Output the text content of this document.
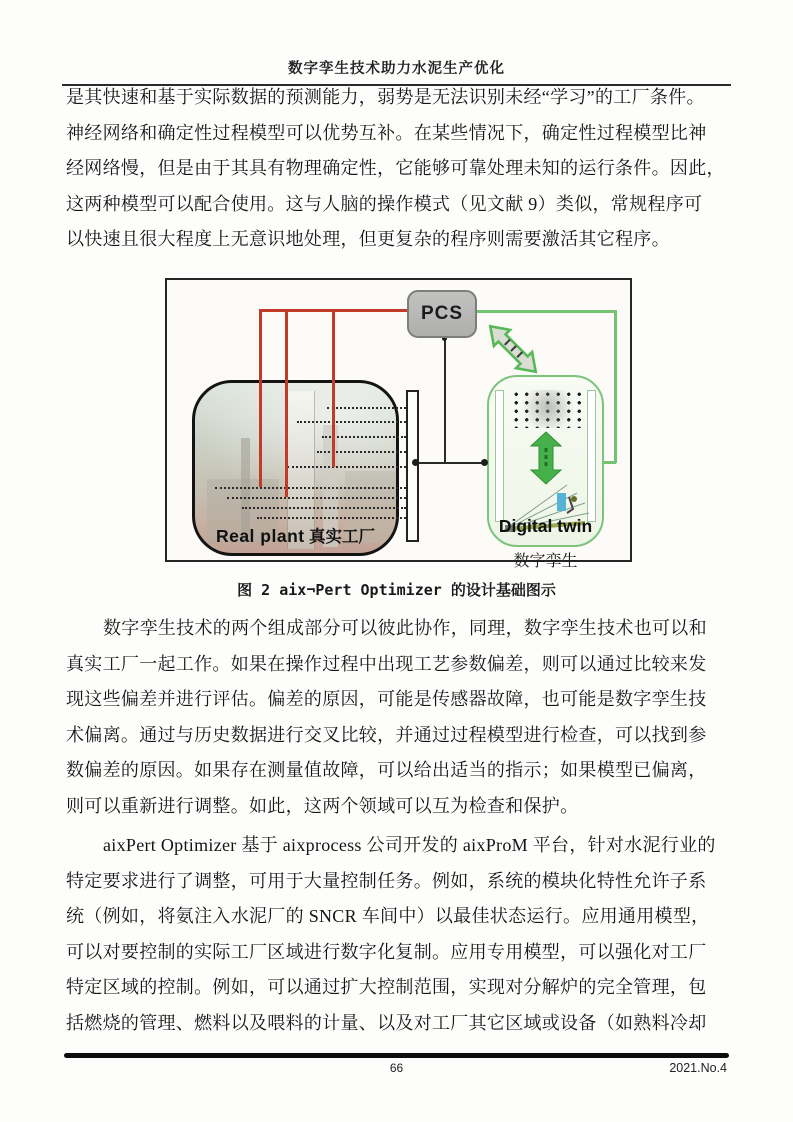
数字孪生技术助力水泥生产优化
是其快速和基于实际数据的预测能力，弱势是无法识别未经“学习”的工厂条件。
神经网络和确定性过程模型可以优势互补。在某些情况下，确定性过程模型比神
经网络慢，但是由于其具有物理确定性，它能够可靠处理未知的运行条件。因此，
这两种模型可以配合使用。这与人脑的操作模式（见文献 9）类似，常规程序可
以快速且很大程度上无意识地处理，但更复杂的程序则需要激活其它程序。
PCS
Real plant 真实工厂
Digital twin
数字孪生
图 2 aix¬Pert Optimizer 的设计基础图示
数字孪生技术的两个组成部分可以彼此协作，同理，数字孪生技术也可以和
真实工厂一起工作。如果在操作过程中出现工艺参数偏差，则可以通过比较来发
现这些偏差并进行评估。偏差的原因，可能是传感器故障，也可能是数字孪生技
术偏离。通过与历史数据进行交叉比较，并通过过程模型进行检查，可以找到参
数偏差的原因。如果存在测量值故障，可以给出适当的指示；如果模型已偏离，
则可以重新进行调整。如此，这两个领域可以互为检查和保护。
aixPert Optimizer 基于 aixprocess 公司开发的 aixProM 平台，针对水泥行业的
特定要求进行了调整，可用于大量控制任务。例如，系统的模块化特性允许子系
统（例如，将氨注入水泥厂的 SNCR 车间中）以最佳状态运行。应用通用模型，
可以对要控制的实际工厂区域进行数字化复制。应用专用模型，可以强化对工厂
特定区域的控制。例如，可以通过扩大控制范围，实现对分解炉的完全管理，包
括燃烧的管理、燃料以及喂料的计量、以及对工厂其它区域或设备（如熟料冷却
66	2021.No.4
